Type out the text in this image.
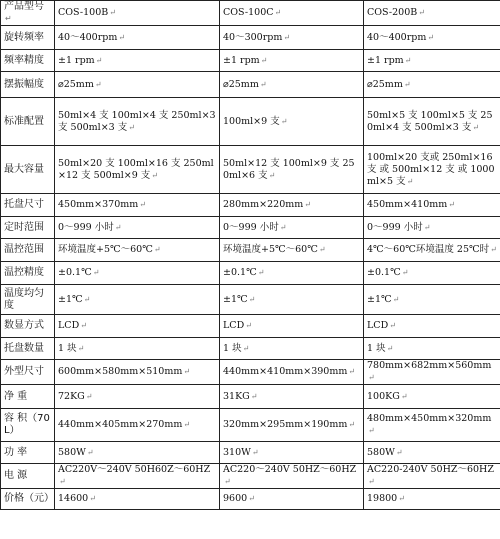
产品型号↵	COS-100B↵	COS-100C↵	COS-200B↵
旋转频率	40～400rpm↵	40～300rpm↵	40～400rpm↵
频率精度	±1 rpm↵	±1 rpm↵	±1 rpm↵
摆振幅度	⌀25mm↵	⌀25mm↵	⌀25mm↵
标准配置	50ml×4 支 100ml×4 支 250ml×3 支 500ml×3 支↵	100ml×9 支↵	50ml×5 支 100ml×5 支 250ml×4 支 500ml×3 支↵
最大容量	50ml×20 支 100ml×16 支 250ml ×12 支 500ml×9 支↵	50ml×12 支 100ml×9 支 250ml×6 支↵	100ml×20 支或 250ml×16 支 或 500ml×12 支 或 1000ml×5 支↵
托盘尺寸	450mm×370mm↵	280mm×220mm↵	450mm×410mm↵
定时范围	0～999 小时↵	0～999 小时↵	0～999 小时↵
温控范围	环境温度+5℃～60℃↵	环境温度+5℃～60℃↵	4℃～60℃环境温度 25℃时↵
温控精度	±0.1℃↵	±0.1℃↵	±0.1℃↵
温度均匀度	±1℃↵	±1℃↵	±1℃↵
数显方式	LCD↵	LCD↵	LCD↵
托盘数量	1 块↵	1 块↵	1 块↵
外型尺寸	600mm×580mm×510mm↵	440mm×410mm×390mm↵	780mm×682mm×560mm↵
净 重	72KG↵	31KG↵	100KG↵
容 积（70L）	440mm×405mm×270mm↵	320mm×295mm×190mm↵	480mm×450mm×320mm↵
功 率	580W↵	310W↵	580W↵
电 源	AC220V～240V 50H60Z～60HZ↵	AC220～240V 50HZ～60HZ↵	AC220-240V 50HZ～60HZ↵
价格（元）	14600↵	9600↵	19800↵
